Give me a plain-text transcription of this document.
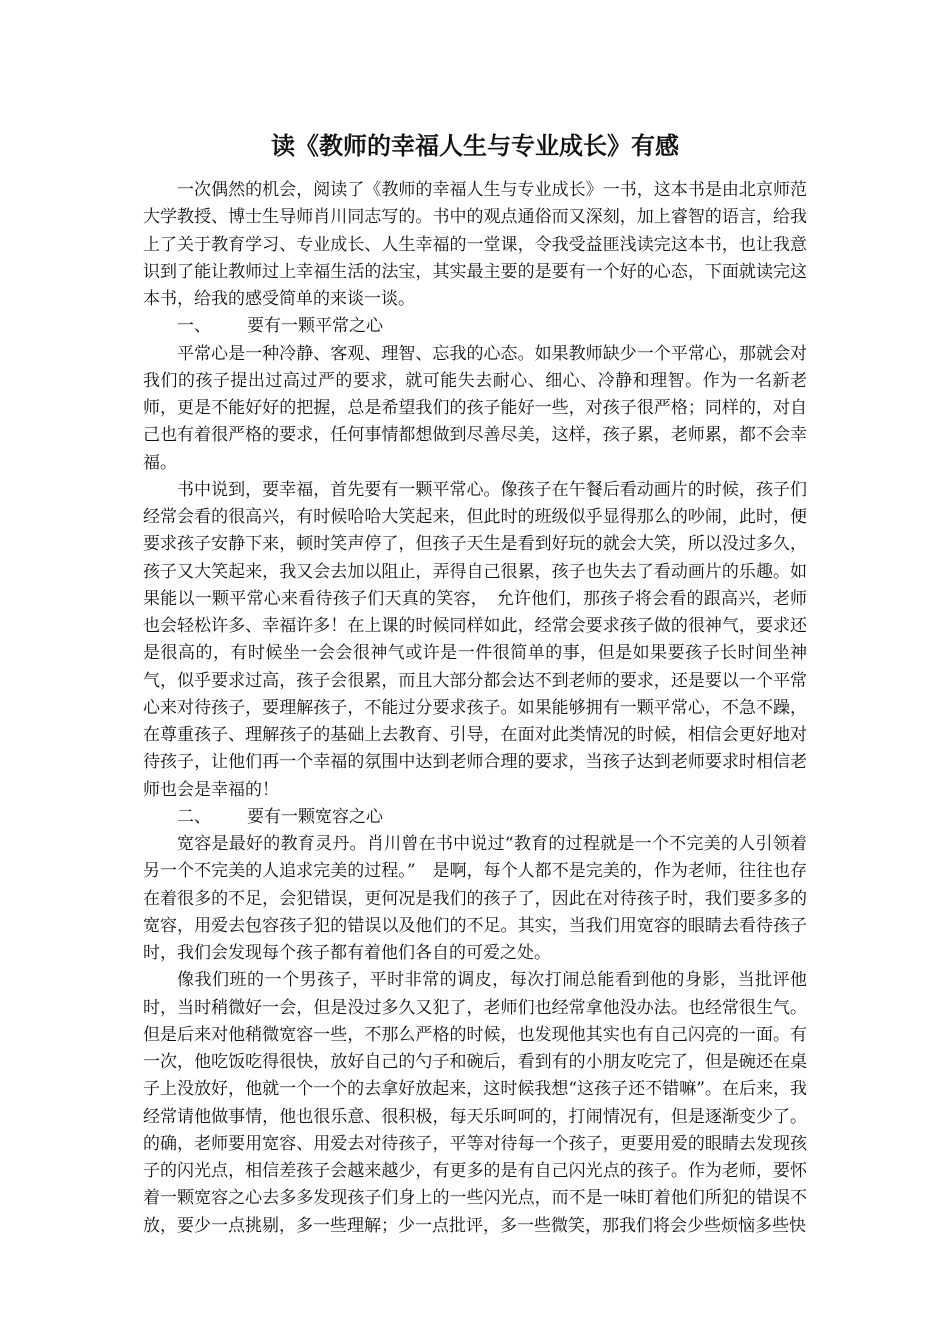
读《教师的幸福人生与专业成长》有感

一次偶然的机会，阅读了《教师的幸福人生与专业成长》一书，这本书是由北京师范大学教授、博士生导师肖川同志写的。书中的观点通俗而又深刻，加上睿智的语言，给我上了关于教育学习、专业成长、人生幸福的一堂课，令我受益匪浅读完这本书，也让我意识到了能让教师过上幸福生活的法宝，其实最主要的是要有一个好的心态，下面就读完这本书，给我的感受简单的来谈一谈。

一、 要有一颗平常之心

平常心是一种冷静、客观、理智、忘我的心态。如果教师缺少一个平常心，那就会对我们的孩子提出过高过严的要求，就可能失去耐心、细心、冷静和理智。作为一名新老师，更是不能好好的把握，总是希望我们的孩子能好一些，对孩子很严格；同样的，对自己也有着很严格的要求，任何事情都想做到尽善尽美，这样，孩子累，老师累，都不会幸福。

书中说到，要幸福，首先要有一颗平常心。像孩子在午餐后看动画片的时候，孩子们经常会看的很高兴，有时候哈哈大笑起来，但此时的班级似乎显得那么的吵闹，此时，便要求孩子安静下来，顿时笑声停了，但孩子天生是看到好玩的就会大笑，所以没过多久，孩子又大笑起来，我又会去加以阻止，弄得自己很累，孩子也失去了看动画片的乐趣。如果能以一颗平常心来看待孩子们天真的笑容，　允许他们，那孩子将会看的跟高兴，老师也会轻松许多、幸福许多！在上课的时候同样如此，经常会要求孩子做的很神气，要求还是很高的，有时候坐一会会很神气或许是一件很简单的事，但是如果要孩子长时间坐神气，似乎要求过高，孩子会很累，而且大部分都会达不到老师的要求，还是要以一个平常心来对待孩子，要理解孩子，不能过分要求孩子。如果能够拥有一颗平常心，不急不躁，在尊重孩子、理解孩子的基础上去教育、引导，在面对此类情况的时候，相信会更好地对待孩子，让他们再一个幸福的氛围中达到老师合理的要求，当孩子达到老师要求时相信老师也会是幸福的！

二、 要有一颗宽容之心

宽容是最好的教育灵丹。肖川曾在书中说过“教育的过程就是一个不完美的人引领着另一个不完美的人追求完美的过程。”　是啊，每个人都不是完美的，作为老师，往往也存在着很多的不足，会犯错误，更何况是我们的孩子了，因此在对待孩子时，我们要多多的宽容，用爱去包容孩子犯的错误以及他们的不足。其实，当我们用宽容的眼睛去看待孩子时，我们会发现每个孩子都有着他们各自的可爱之处。

像我们班的一个男孩子，平时非常的调皮，每次打闹总能看到他的身影，当批评他时，当时稍微好一会，但是没过多久又犯了，老师们也经常拿他没办法。也经常很生气。但是后来对他稍微宽容一些，不那么严格的时候，也发现他其实也有自己闪亮的一面。有一次，他吃饭吃得很快，放好自己的勺子和碗后，看到有的小朋友吃完了，但是碗还在桌子上没放好，他就一个一个的去拿好放起来，这时候我想“这孩子还不错嘛”。在后来，我经常请他做事情，他也很乐意、很积极，每天乐呵呵的，打闹情况有，但是逐渐变少了。的确，老师要用宽容、用爱去对待孩子，平等对待每一个孩子，更要用爱的眼睛去发现孩子的闪光点，相信差孩子会越来越少，有更多的是有自己闪光点的孩子。作为老师，要怀着一颗宽容之心去多多发现孩子们身上的一些闪光点，而不是一味盯着他们所犯的错误不放，要少一点挑剔，多一些理解；少一点批评，多一些微笑，那我们将会少些烦恼多些快
